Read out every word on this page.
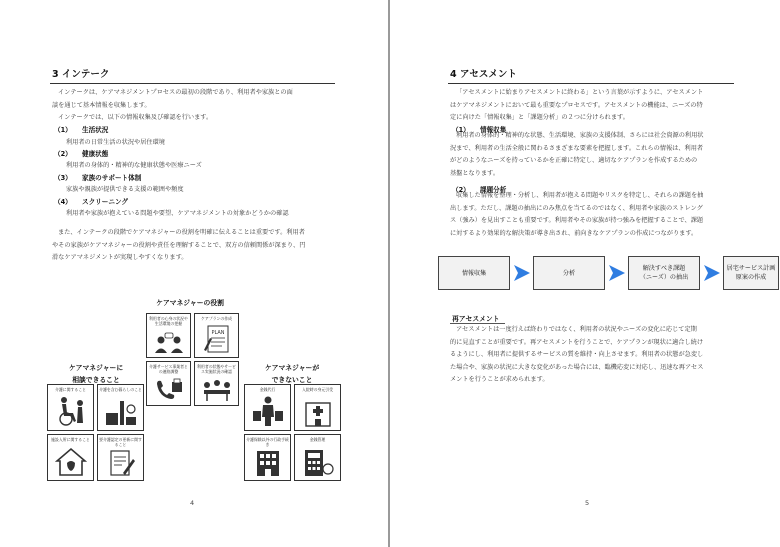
3 インテーク
インテークは、ケアマネジメントプロセスの最初の段階であり、利用者や家族との面
談を通じて基本情報を収集します。
インテークでは、以下の情報収集及び確認を行います。
（1） 生活状況
利用者の日常生活の状況や居住環境
（2） 健康状態
利用者の身体的・精神的な健康状態や医療ニーズ
（3） 家族のサポート体制
家族や親族が提供できる支援の範囲や頻度
（4） スクリーニング
利用者や家族が抱えている問題や要望、ケアマネジメントの対象かどうかの確認
また、インテークの段階でケアマネジャーの役割を明確に伝えることは重要です。利用者
やその家族がケアマネジャーの役割や責任を理解することで、双方の信頼関係が深まり、円
滑なケアマネジメントが実現しやすくなります。
ケアマネジャーの役割
利用者の心身の状況や生活環境の把握
ケアプランの作成
PLAN
介護サービス事業者との連絡調整
利用者の状態やサービス実施状況の確認
ケアマネジャーに
相談できること
介護に関すること	介護を含む暮らしのこと
施設入所に関すること	要介護認定の更新に関すること
ケアマネジャーが
できないこと
金銭代行	入院時の身元引受
介護保険以外の行政手続き
金銭管理
4
4 アセスメント
「アセスメントに始まりアセスメントに終わる」という言葉が示すように、アセスメント
はケアマネジメントにおいて最も重要なプロセスです。アセスメントの機能は、ニーズの特
定に向けた「情報収集」と「課題分析」の２つに分けられます。
（1） 情報収集
利用者の身体的・精神的な状態、生活環境、家族の支援体制、さらには社会資源の利用状
況まで、利用者の生活全般に関わるさまざまな要素を把握します。これらの情報は、利用者
がどのようなニーズを持っているかを正確に特定し、適切なケアプランを作成するための
基盤となります。
（2） 課題分析
収集した情報を整理・分析し、利用者が抱える問題やリスクを特定し、それらの課題を抽
出します。ただし、課題の抽出にのみ焦点を当てるのではなく、利用者や家族のストレング
ス（強み）を見出すことも重要です。利用者やその家族が持つ強みを把握することで、課題
に対するより効果的な解決策が導き出され、前向きなケアプランの作成につながります。
情報収集	分析
解決すべき課題
（ニーズ）の抽出
居宅サービス計画
原案の作成
再アセスメント
アセスメントは一度行えば終わりではなく、利用者の状況やニーズの変化に応じて定期
的に見直すことが重要です。再アセスメントを行うことで、ケアプランが現状に適合し続け
るようにし、利用者に提供するサービスの質を維持・向上させます。利用者の状態が急変し
た場合や、家族の状況に大きな変化があった場合には、臨機応変に対応し、迅速な再アセス
メントを行うことが求められます。
5
